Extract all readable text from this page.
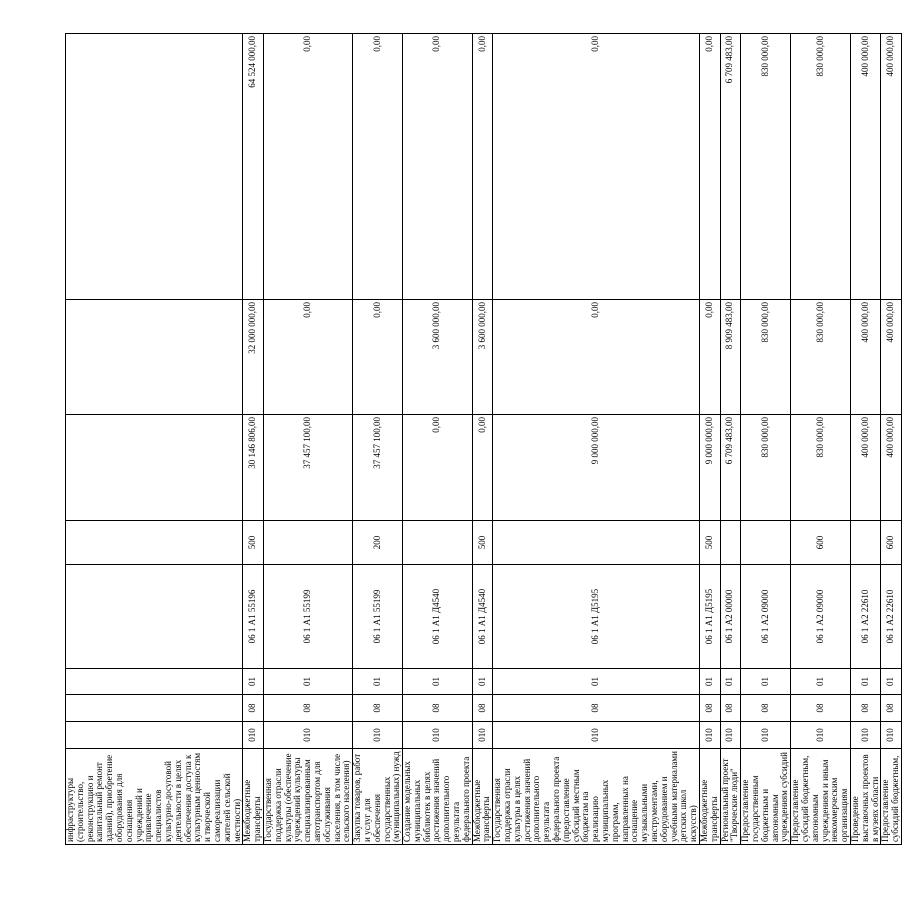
инфраструктуры (строительство, реконструкцию и капитальный ремонт зданий), приобретение оборудования для оснащения учреждений и привлечение специалистов культурно-досуговой деятельности в целях обеспечения доступа к культурным ценностям и творческой самореализации жителей сельской местности)								
Межбюджетные трансферты	010	08	01	06 1 А1 55196	500	30 146 806,00	32 000 000,00	64 524 000,00
Государственная поддержка отрасли культуры (обеспечение учреждений культуры специализированным автотранспортом для обслуживания населения, в том числе сельского населения)	010	08	01	06 1 А1 55199		37 457 100,00	0,00	0,00
Закупка товаров, работ и услуг для обеспечения государственных (муниципальных) нужд	010	08	01	06 1 А1 55199	200	37 457 100,00	0,00	0,00
Создание модельных муниципальных библиотек в целях достижения значений дополнительного результата федерального проекта	010	08	01	06 1 А1 Д4540		0,00	3 600 000,00	0,00
Межбюджетные трансферты	010	08	01	06 1 А1 Д4540	500	0,00	3 600 000,00	0,00
Государственная поддержка отрасли культуры в целях достижения значений дополнительного результата федерального проекта (предоставление субсидий местным бюджетам на реализацию муниципальных программ, направленных на оснащение музыкальными инструментами, оборудованием и учебными материалами детских школ искусств)	010	08	01	06 1 А1 Д5195		9 000 000,00	0,00	0,00
Межбюджетные трансферты	010	08	01	06 1 А1 Д5195	500	9 000 000,00	0,00	0,00
Региональный проект "Творческие люди"	010	08	01	06 1 А2 00000		6 709 483,00	8 909 483,00	6 709 483,00
Предоставление государственным бюджетным и автономным учреждениям субсидий	010	08	01	06 1 А2 09000		830 000,00	830 000,00	830 000,00
Предоставление субсидий бюджетным, автономным учреждениям и иным некоммерческим организациям	010	08	01	06 1 А2 09000	600	830 000,00	830 000,00	830 000,00
Проведение выставочных проектов в музеях области	010	08	01	06 1 А2 22610		400 000,00	400 000,00	400 000,00
Предоставление субсидий бюджетным,	010	08	01	06 1 А2 22610	600	400 000,00	400 000,00	400 000,00
